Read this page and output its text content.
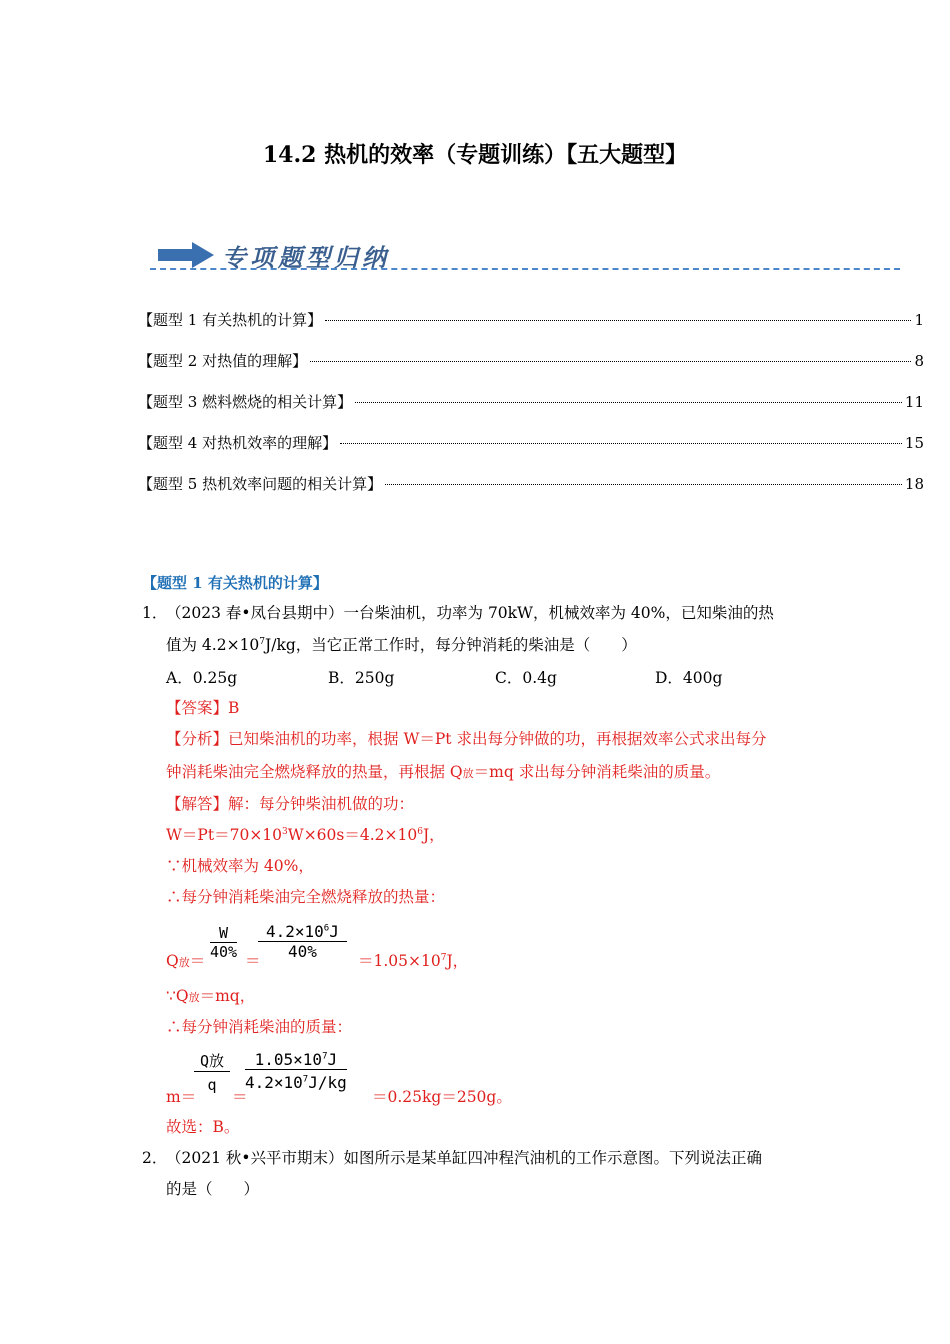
14.2 热机的效率（专题训练）【五大题型】
专项题型归纳
【题型 1 有关热机的计算】	1
【题型 2 对热值的理解】	8
【题型 3 燃料燃烧的相关计算】	11
【题型 4 对热机效率的理解】	15
【题型 5 热机效率问题的相关计算】	18
【题型 1 有关热机的计算】
1．
（2023 春•凤台县期中）一台柴油机，功率为 70kW，机械效率为 40%，已知柴油的热
值为 $4.2\times 10^7J/kg$，当它正常工作时，每分钟消耗的柴油是（　　）
A．0.25g	B．250g	C．0.4g	D．400g
【答案】B
【分析】已知柴油机的功率，根据 W＝Pt 求出每分钟做的功，再根据效率公式求出每分
钟消耗柴油完全燃烧释放的热量，再根据 Q放＝mq 求出每分钟消耗柴油的质量。
【解答】解：每分钟柴油机做的功：
$W=Pt=70\times 10^3W\times 60s=4.2\times 10^6J$，
∵机械效率为 40%，
∴每分钟消耗柴油完全燃烧释放的热量：
Q放＝ $\frac{W}{40\%}$ ＝
$\frac{4.2\times 10^6J}{40\%} =1.05\times 10^7J$，
∵Q放＝mq，
∴每分钟消耗柴油的质量：
m＝
Q放
q
＝
$\frac{1.05\times 10^7J}{4.2\times 10^7J/kg}$
＝0.25kg＝250g。
故选：B。
2．
（2021 秋•兴平市期末）如图所示是某单缸四冲程汽油机的工作示意图。下列说法正确
的是（　　）
